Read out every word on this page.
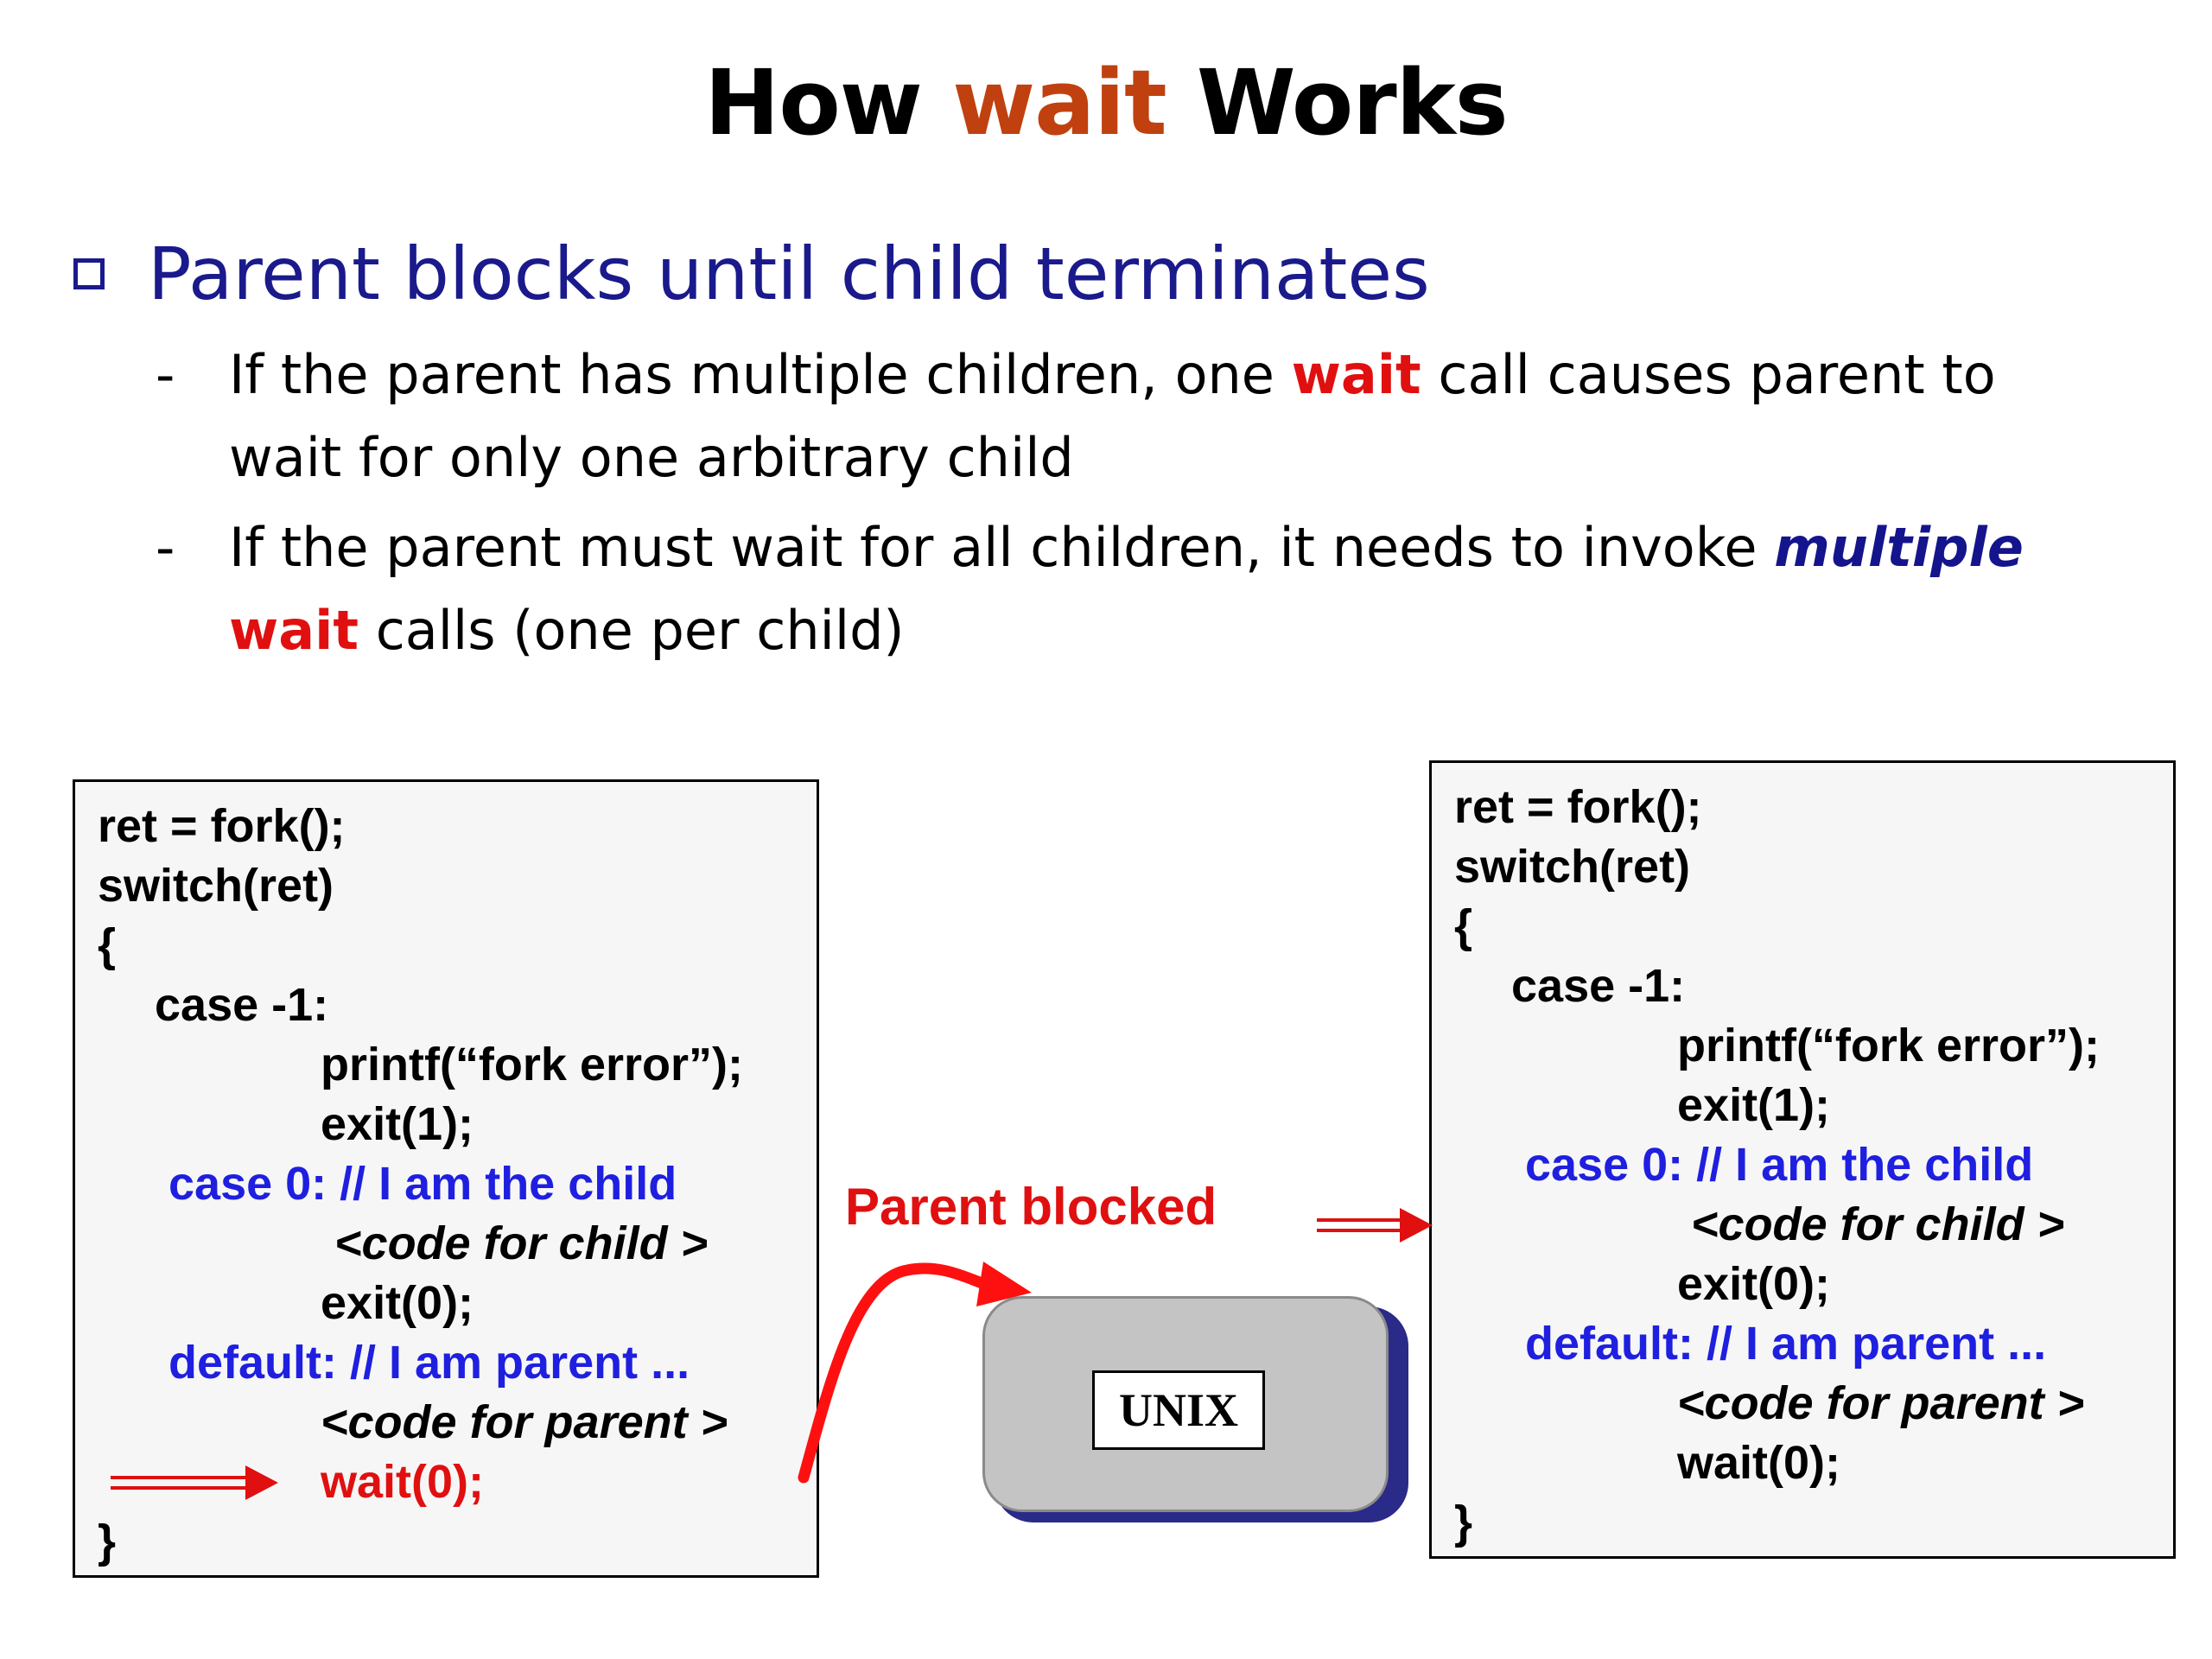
How wait Works
Parent blocks until child terminates
- If the parent has multiple children, one wait call causes parent to
wait for only one arbitrary child
- If the parent must wait for all children, it needs to invoke multiple
wait calls (one per child)
ret = fork();
switch(ret)
{
case -1:
printf(“fork error”);
exit(1);
case 0: // I am the child
<code for child >
exit(0);
default: // I am parent ...
<code for parent >
wait(0);
}
ret = fork();
switch(ret)
{
case -1:
printf(“fork error”);
exit(1);
case 0: // I am the child
<code for child >
exit(0);
default: // I am parent ...
<code for parent >
wait(0);
}
Parent blocked
UNIX
